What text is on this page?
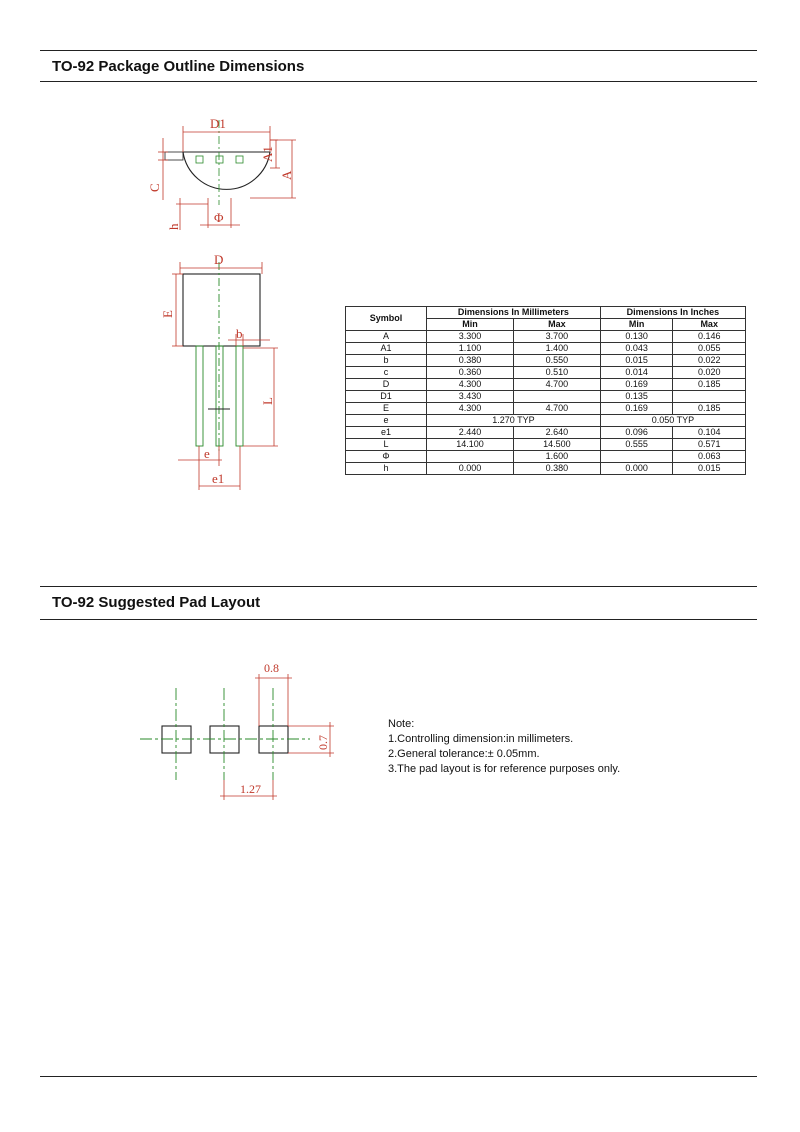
TO-92 Package Outline Dimensions
TO-92 Suggested Pad Layout
D1
A1
A
C
h
Φ
D
E
b
L
e
e1
0.8
0.7
1.27
Symbol	Dimensions In Millimeters		Dimensions In Inches	
	Min	Max	Min	Max
A	3.300	3.700	0.130	0.146
A1	1.100	1.400	0.043	0.055
b	0.380	0.550	0.015	0.022
c	0.360	0.510	0.014	0.020
D	4.300	4.700	0.169	0.185
D1	3.430		0.135	
E	4.300	4.700	0.169	0.185
e	1.270 TYP		0.050 TYP	
e1	2.440	2.640	0.096	0.104
L	14.100	14.500	0.555	0.571
Φ		1.600		0.063
h	0.000	0.380	0.000	0.015
Note:
1.Controlling dimension:in millimeters.
2.General tolerance:± 0.05mm.
3.The pad layout is for reference purposes only.
